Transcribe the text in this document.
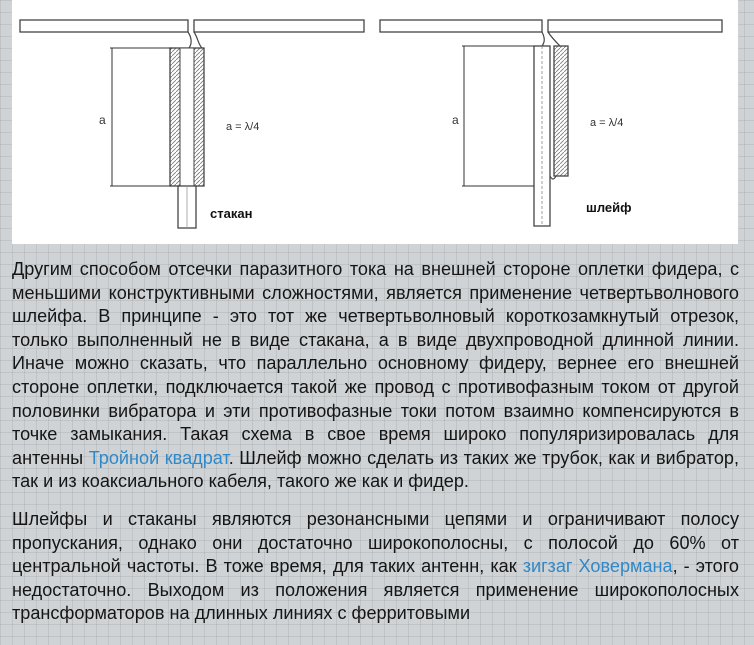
a	a = λ/4
стакан
a	a = λ/4
шлейф

Другим способом отсечки паразитного тока на внешней стороне оплетки фидера, с меньшими конструктивными сложностями, является применение четвертьволнового шлейфа. В принципе - это тот же четвертьволновый короткозамкнутый отрезок, только выполненный не в виде стакана, а в виде двухпроводной длинной линии. Иначе можно сказать, что параллельно основному фидеру, вернее его внешней стороне оплетки, подключается такой же провод с противофазным током от другой половинки вибратора и эти противофазные токи потом взаимно компенсируются в точке замыкания. Такая схема в свое время широко популяризировалась для антенны Тройной квадрат. Шлейф можно сделать из таких же трубок, как и вибратор, так и из коаксиального кабеля, такого же как и фидер.

Шлейфы и стаканы являются резонансными цепями и ограничивают полосу пропускания, однако они достаточно широкополосны, с полосой до 60% от центральной частоты. В тоже время, для таких антенн, как зигзаг Ховермана, - этого недостаточно. Выходом из положения является применение широкополосных трансформаторов на длинных линиях с ферритовыми
